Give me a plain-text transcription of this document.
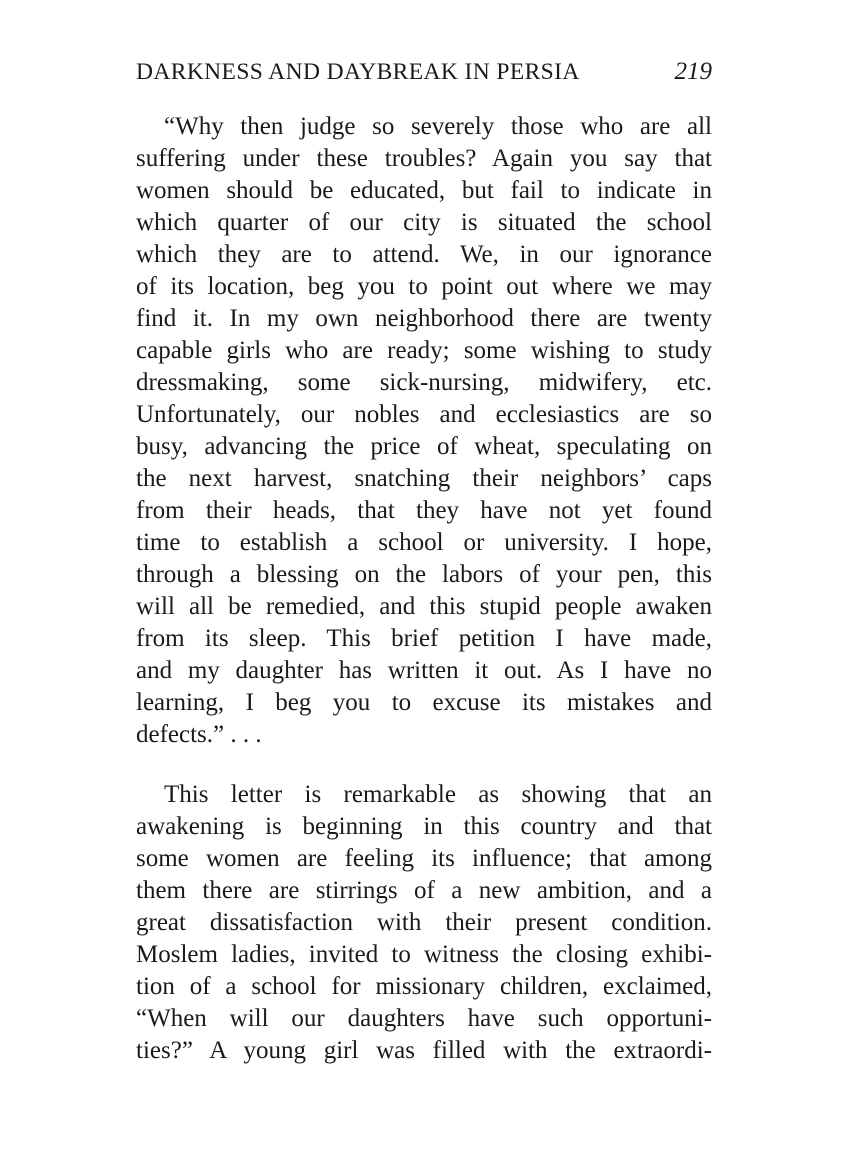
DARKNESS AND DAYBREAK IN PERSIA	219
“Why then judge so severely those who are all
suffering under these troubles? Again you say that
women should be educated, but fail to indicate in
which quarter of our city is situated the school
which they are to attend. We, in our ignorance
of its location, beg you to point out where we may
find it. In my own neighborhood there are twenty
capable girls who are ready; some wishing to study
dressmaking, some sick-nursing, midwifery, etc.
Unfortunately, our nobles and ecclesiastics are so
busy, advancing the price of wheat, speculating on
the next harvest, snatching their neighbors’ caps
from their heads, that they have not yet found
time to establish a school or university. I hope,
through a blessing on the labors of your pen, this
will all be remedied, and this stupid people awaken
from its sleep. This brief petition I have made,
and my daughter has written it out. As I have no
learning, I beg you to excuse its mistakes and
defects.” . . .
This letter is remarkable as showing that an
awakening is beginning in this country and that
some women are feeling its influence; that among
them there are stirrings of a new ambition, and a
great dissatisfaction with their present condition.
Moslem ladies, invited to witness the closing exhibi-
tion of a school for missionary children, exclaimed,
“When will our daughters have such opportuni-
ties?” A young girl was filled with the extraordi-
